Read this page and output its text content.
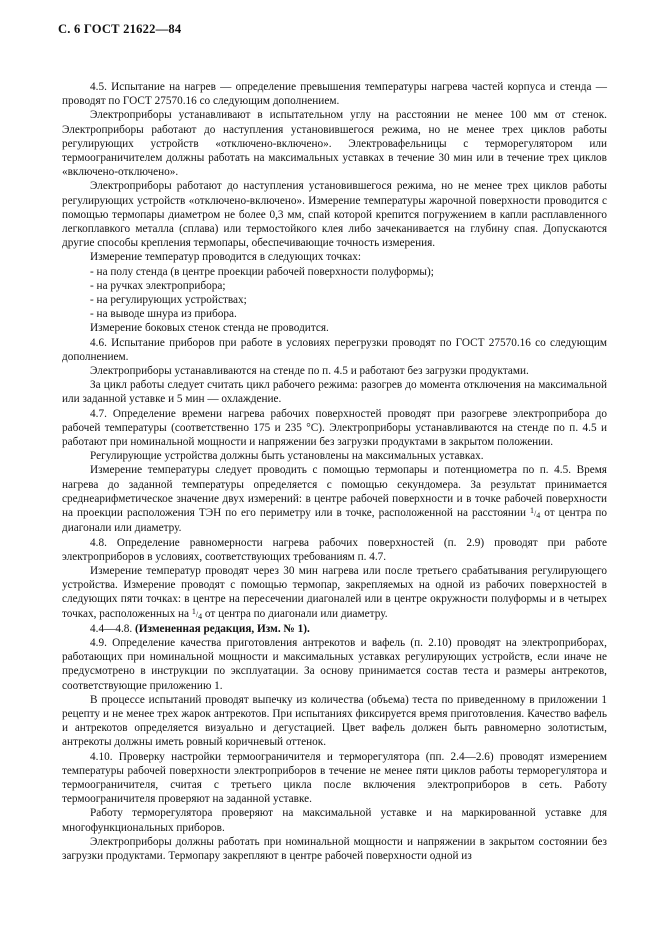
С. 6 ГОСТ 21622—84

4.5. Испытание на нагрев — определение превышения температуры нагрева частей корпуса и стенда — проводят по ГОСТ 27570.16 со следующим дополнением.

Электроприборы устанавливают в испытательном углу на расстоянии не менее 100 мм от стенок. Электроприборы работают до наступления установившегося режима, но не менее трех циклов работы регулирующих устройств «отключено-включено». Электровафельницы с терморегулятором или термоограничителем должны работать на максимальных уставках в течение 30 мин или в течение трех циклов «включено-отключено».

Электроприборы работают до наступления установившегося режима, но не менее трех циклов работы регулирующих устройств «отключено-включено». Измерение температуры жарочной поверхности проводится с помощью термопары диаметром не более 0,3 мм, спай которой крепится погружением в капли расплавленного легкоплавкого металла (сплава) или термостойкого клея либо зачеканивается на глубину спая. Допускаются другие способы крепления термопары, обеспечивающие точность измерения.

Измерение температур проводится в следующих точках:

- на полу стенда (в центре проекции рабочей поверхности полуформы);

- на ручках электроприбора;

- на регулирующих устройствах;

- на выводе шнура из прибора.

Измерение боковых стенок стенда не проводится.

4.6. Испытание приборов при работе в условиях перегрузки проводят по ГОСТ 27570.16 со следующим дополнением.

Электроприборы устанавливаются на стенде по п. 4.5 и работают без загрузки продуктами.

За цикл работы следует считать цикл рабочего режима: разогрев до момента отключения на максимальной или заданной уставке и 5 мин — охлаждение.

4.7. Определение времени нагрева рабочих поверхностей проводят при разогреве электроприбора до рабочей температуры (соответственно 175 и 235 °С). Электроприборы устанавливаются на стенде по п. 4.5 и работают при номинальной мощности и напряжении без загрузки продуктами в закрытом положении.

Регулирующие устройства должны быть установлены на максимальных уставках.

Измерение температуры следует проводить с помощью термопары и потенциометра по п. 4.5. Время нагрева до заданной температуры определяется с помощью секундомера. За результат принимается среднеарифметическое значение двух измерений: в центре рабочей поверхности и в точке рабочей поверхности на проекции расположения ТЭН по его периметру или в точке, расположенной на расстоянии 1/4 от центра по диагонали или диаметру.

4.8. Определение равномерности нагрева рабочих поверхностей (п. 2.9) проводят при работе электроприборов в условиях, соответствующих требованиям п. 4.7.

Измерение температур проводят через 30 мин нагрева или после третьего срабатывания регулирующего устройства. Измерение проводят с помощью термопар, закрепляемых на одной из рабочих поверхностей в следующих пяти точках: в центре на пересечении диагоналей или в центре окружности полуформы и в четырех точках, расположенных на 1/4 от центра по диагонали или диаметру.

4.4—4.8. (Измененная редакция, Изм. № 1).

4.9. Определение качества приготовления антрекотов и вафель (п. 2.10) проводят на электроприборах, работающих при номинальной мощности и максимальных уставках регулирующих устройств, если иначе не предусмотрено в инструкции по эксплуатации. За основу принимается состав теста и размеры антрекотов, соответствующие приложению 1.

В процессе испытаний проводят выпечку из количества (объема) теста по приведенному в приложении 1 рецепту и не менее трех жарок антрекотов. При испытаниях фиксируется время приготовления. Качество вафель и антрекотов определяется визуально и дегустацией. Цвет вафель должен быть равномерно золотистым, антрекоты должны иметь ровный коричневый оттенок.

4.10. Проверку настройки термоограничителя и терморегулятора (пп. 2.4—2.6) проводят измерением температуры рабочей поверхности электроприборов в течение не менее пяти циклов работы терморегулятора и термоограничителя, считая с третьего цикла после включения электроприборов в сеть. Работу термоограничителя проверяют на заданной уставке.

Работу терморегулятора проверяют на максимальной уставке и на маркированной уставке для многофункциональных приборов.

Электроприборы должны работать при номинальной мощности и напряжении в закрытом состоянии без загрузки продуктами. Термопару закрепляют в центре рабочей поверхности одной из
